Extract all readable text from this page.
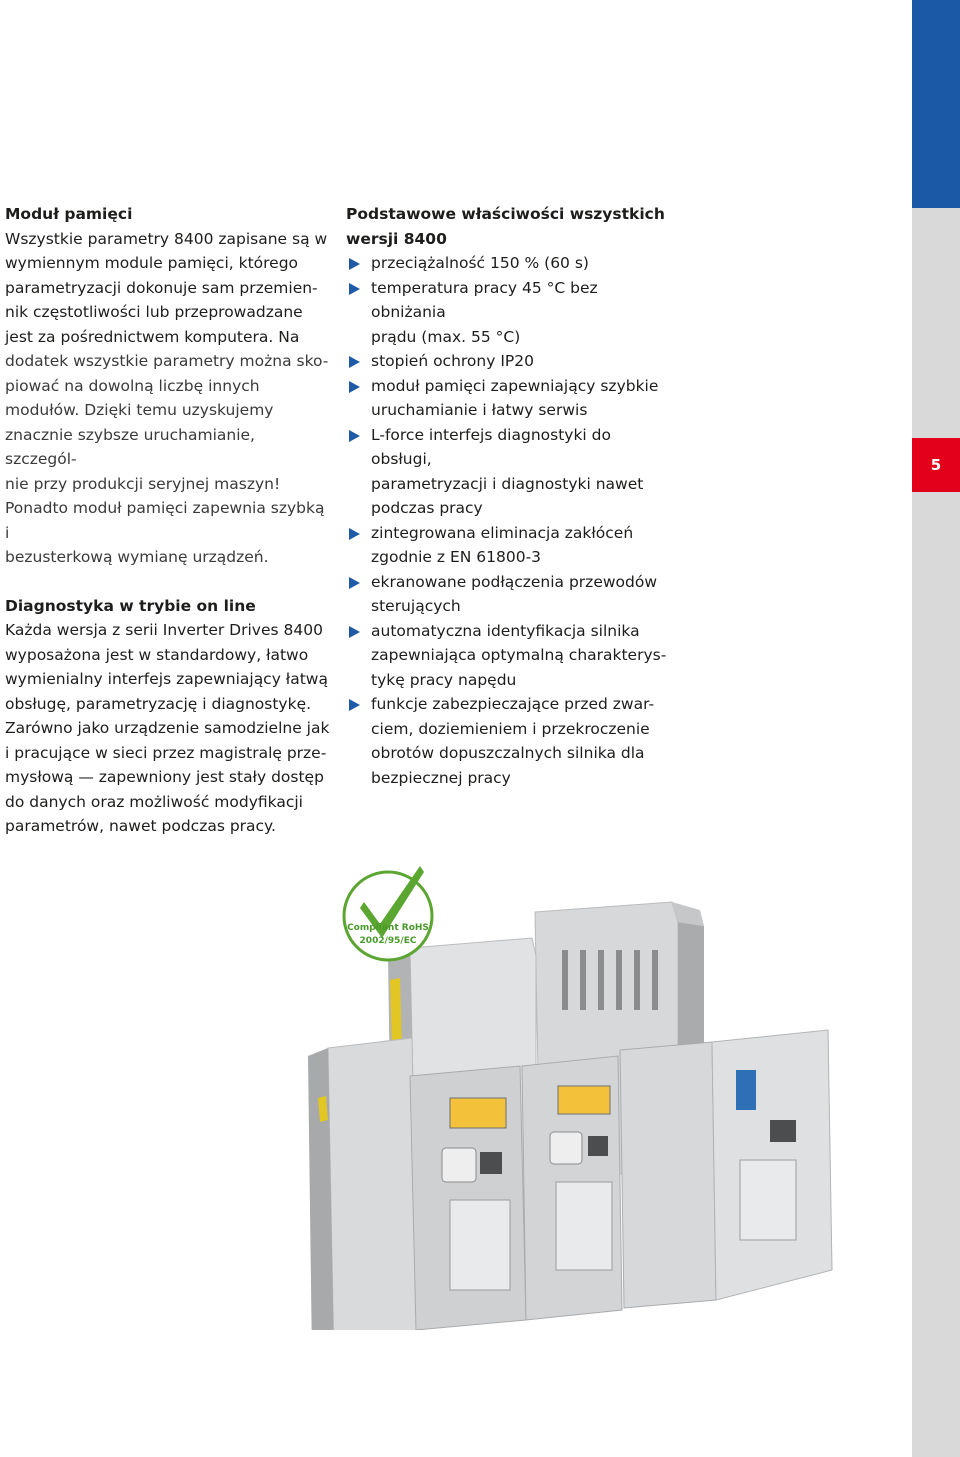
5

Moduł pamięci

Wszystkie parametry 8400 zapisane są w

wymiennym module pamięci, którego

parametryzacji dokonuje sam przemien-

nik częstotliwości lub przeprowadzane

jest za pośrednictwem komputera. Na

dodatek wszystkie parametry można sko-

piować na dowolną liczbę innych

modułów. Dzięki temu uzyskujemy

znacznie szybsze uruchamianie, szczegól-

nie przy produkcji seryjnej maszyn!

Ponadto moduł pamięci zapewnia szybką i

bezusterkową wymianę urządzeń.

Diagnostyka w trybie on line

Każda wersja z serii Inverter Drives 8400

wyposażona jest w standardowy, łatwo

wymienialny interfejs zapewniający łatwą

obsługę, parametryzację i diagnostykę.

Zarówno jako urządzenie samodzielne jak

i pracujące w sieci przez magistralę prze-

mysłową — zapewniony jest stały dostęp

do danych oraz możliwość modyfikacji

parametrów, nawet podczas pracy.

Podstawowe właściwości wszystkich

wersji 8400

przeciążalność 150 % (60 s)
temperatura pracy 45 °C bez obniżania
prądu (max. 55 °C)
stopień ochrony IP20
moduł pamięci zapewniający szybkie
uruchamianie i łatwy serwis
L-force interfejs diagnostyki do obsługi,
parametryzacji i diagnostyki nawet
podczas pracy
zintegrowana eliminacja zakłóceń
zgodnie z EN 61800-3
ekranowane podłączenia przewodów
sterujących
automatyczna identyfikacja silnika
zapewniająca optymalną charakterys-
tykę pracy napędu
funkcje zabezpieczające przed zwar-
ciem, doziemieniem i przekroczenie
obrotów dopuszczalnych silnika dla
bezpiecznej pracy
Compliant RoHS
2002/95/EC
